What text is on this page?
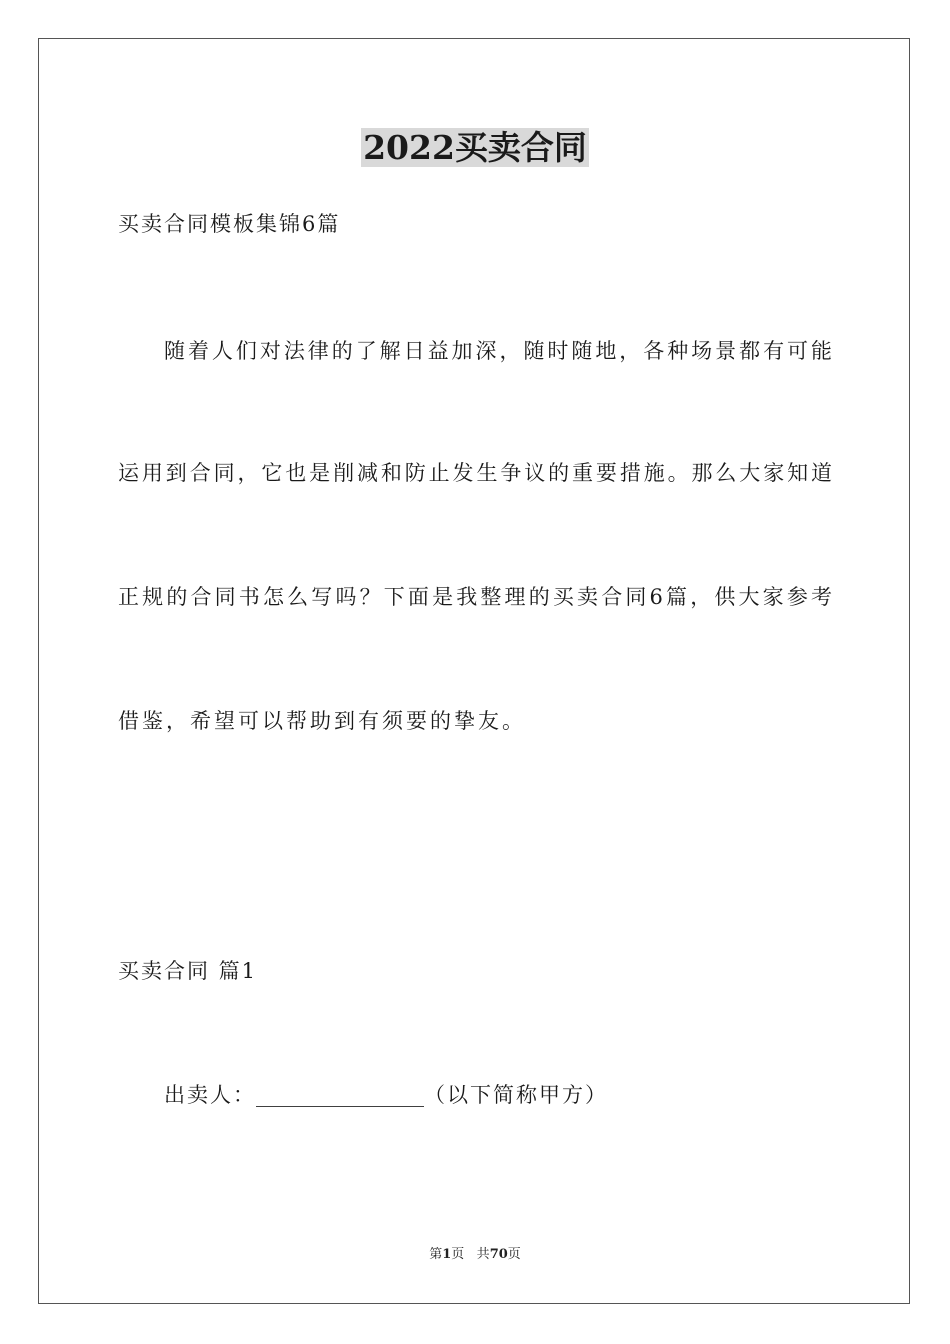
2022买卖合同
买卖合同模板集锦6篇
随着人们对法律的了解日益加深，随时随地，各种场景都有可能
运用到合同，它也是削减和防止发生争议的重要措施。那么大家知道
正规的合同书怎么写吗？下面是我整理的买卖合同6篇，供大家参考
借鉴，希望可以帮助到有须要的挚友。
买卖合同 篇1
出卖人：________________（以下简称甲方）
第1页 共70页
